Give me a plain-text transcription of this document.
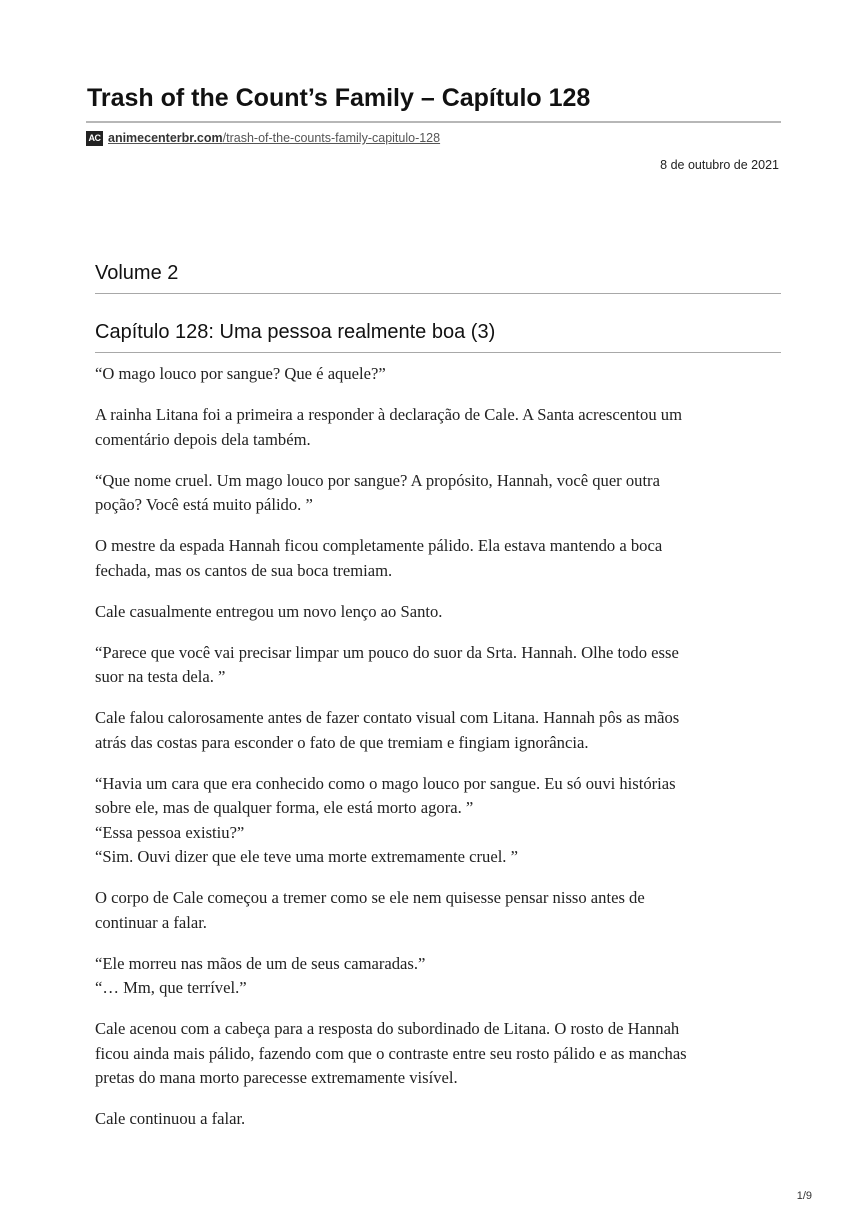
Trash of the Count’s Family – Capítulo 128
AC animecenterbr.com/trash-of-the-counts-family-capitulo-128
8 de outubro de 2021
Volume 2
Capítulo 128: Uma pessoa realmente boa (3)

“O mago louco por sangue? Que é aquele?”

A rainha Litana foi a primeira a responder à declaração de Cale. A Santa acrescentou um
comentário depois dela também.

“Que nome cruel. Um mago louco por sangue? A propósito, Hannah, você quer outra
poção? Você está muito pálido. ”

O mestre da espada Hannah ficou completamente pálido. Ela estava mantendo a boca
fechada, mas os cantos de sua boca tremiam.

Cale casualmente entregou um novo lenço ao Santo.

“Parece que você vai precisar limpar um pouco do suor da Srta. Hannah. Olhe todo esse
suor na testa dela. ”

Cale falou calorosamente antes de fazer contato visual com Litana. Hannah pôs as mãos
atrás das costas para esconder o fato de que tremiam e fingiam ignorância.

“Havia um cara que era conhecido como o mago louco por sangue. Eu só ouvi histórias
sobre ele, mas de qualquer forma, ele está morto agora. ”
“Essa pessoa existiu?”
“Sim. Ouvi dizer que ele teve uma morte extremamente cruel. ”

O corpo de Cale começou a tremer como se ele nem quisesse pensar nisso antes de
continuar a falar.

“Ele morreu nas mãos de um de seus camaradas.”
“… Mm, que terrível.”

Cale acenou com a cabeça para a resposta do subordinado de Litana. O rosto de Hannah
ficou ainda mais pálido, fazendo com que o contraste entre seu rosto pálido e as manchas
pretas do mana morto parecesse extremamente visível.

Cale continuou a falar.

1/9
